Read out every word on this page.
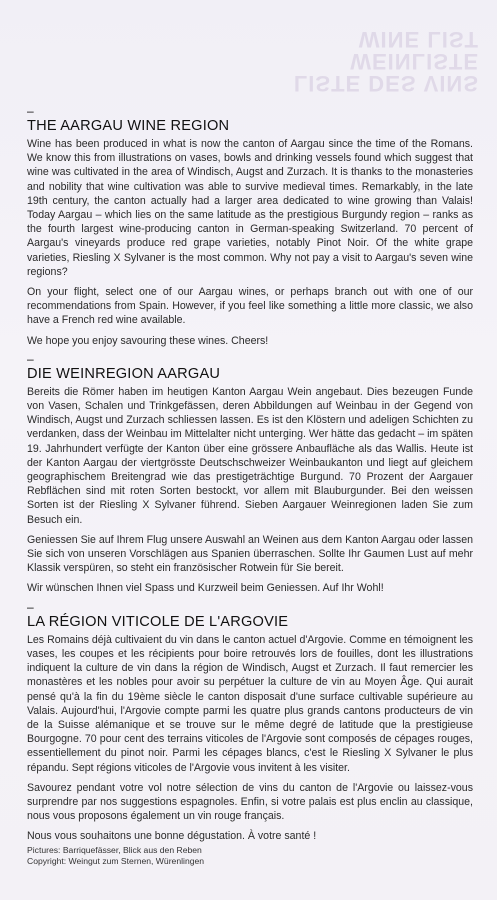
LISTE DES VINS
WEINLISTE
WINE LIST
–
THE AARGAU WINE REGION

Wine has been produced in what is now the canton of Aargau since the time of the Romans. We know this from illustrations on vases, bowls and drinking vessels found which suggest that wine was cultivated in the area of Windisch, Augst and Zurzach. It is thanks to the monasteries and nobility that wine cultivation was able to survive medieval times. Remarkably, in the late 19th century, the canton actually had a larger area dedicated to wine growing than Valais! Today Aargau – which lies on the same latitude as the prestigious Burgundy region – ranks as the fourth largest wine-producing canton in German-speaking Switzerland. 70 percent of Aargau's vineyards produce red grape varieties, notably Pinot Noir. Of the white grape varieties, Riesling X Sylvaner is the most common. Why not pay a visit to Aargau's seven wine regions?

On your flight, select one of our Aargau wines, or perhaps branch out with one of our recommendations from Spain. However, if you feel like something a little more classic, we also have a French red wine available.

We hope you enjoy savouring these wines. Cheers!

–
DIE WEINREGION AARGAU

Bereits die Römer haben im heutigen Kanton Aargau Wein angebaut. Dies bezeugen Funde von Vasen, Schalen und Trinkgefässen, deren Abbildungen auf Weinbau in der Gegend von Windisch, Augst und Zurzach schliessen lassen. Es ist den Klöstern und adeligen Schichten zu verdanken, dass der Weinbau im Mittelalter nicht unterging. Wer hätte das gedacht – im späten 19. Jahrhundert verfügte der Kanton über eine grössere Anbaufläche als das Wallis. Heute ist der Kanton Aargau der viertgrösste Deutschschweizer Weinbaukanton und liegt auf gleichem geographischem Breitengrad wie das prestigeträchtige Burgund. 70 Prozent der Aargauer Rebflächen sind mit roten Sorten bestockt, vor allem mit Blauburgunder. Bei den weissen Sorten ist der Riesling X Sylvaner führend. Sieben Aargauer Weinregionen laden Sie zum Besuch ein.

Geniessen Sie auf Ihrem Flug unsere Auswahl an Weinen aus dem Kanton Aargau oder lassen Sie sich von unseren Vorschlägen aus Spanien überraschen. Sollte Ihr Gaumen Lust auf mehr Klassik verspüren, so steht ein französischer Rotwein für Sie bereit.

Wir wünschen Ihnen viel Spass und Kurzweil beim Geniessen. Auf Ihr Wohl!

–
LA RÉGION VITICOLE DE L'ARGOVIE

Les Romains déjà cultivaient du vin dans le canton actuel d'Argovie. Comme en témoignent les vases, les coupes et les récipients pour boire retrouvés lors de fouilles, dont les illustrations indiquent la culture de vin dans la région de Windisch, Augst et Zurzach. Il faut remercier les monastères et les nobles pour avoir su perpétuer la culture de vin au Moyen Âge. Qui aurait pensé qu'à la fin du 19ème siècle le canton disposait d'une surface cultivable supérieure au Valais. Aujourd'hui, l'Argovie compte parmi les quatre plus grands cantons producteurs de vin de la Suisse alémanique et se trouve sur le même degré de latitude que la prestigieuse Bourgogne. 70 pour cent des terrains viticoles de l'Argovie sont composés de cépages rouges, essentiellement du pinot noir. Parmi les cépages blancs, c'est le Riesling X Sylvaner le plus répandu. Sept régions viticoles de l'Argovie vous invitent à les visiter.

Savourez pendant votre vol notre sélection de vins du canton de l'Argovie ou laissez-vous surprendre par nos suggestions espagnoles. Enfin, si votre palais est plus enclin au classique, nous vous proposons également un vin rouge français.

Nous vous souhaitons une bonne dégustation. À votre santé !

Pictures: Barriquefässer, Blick aus den Reben
Copyright: Weingut zum Sternen, Würenlingen
